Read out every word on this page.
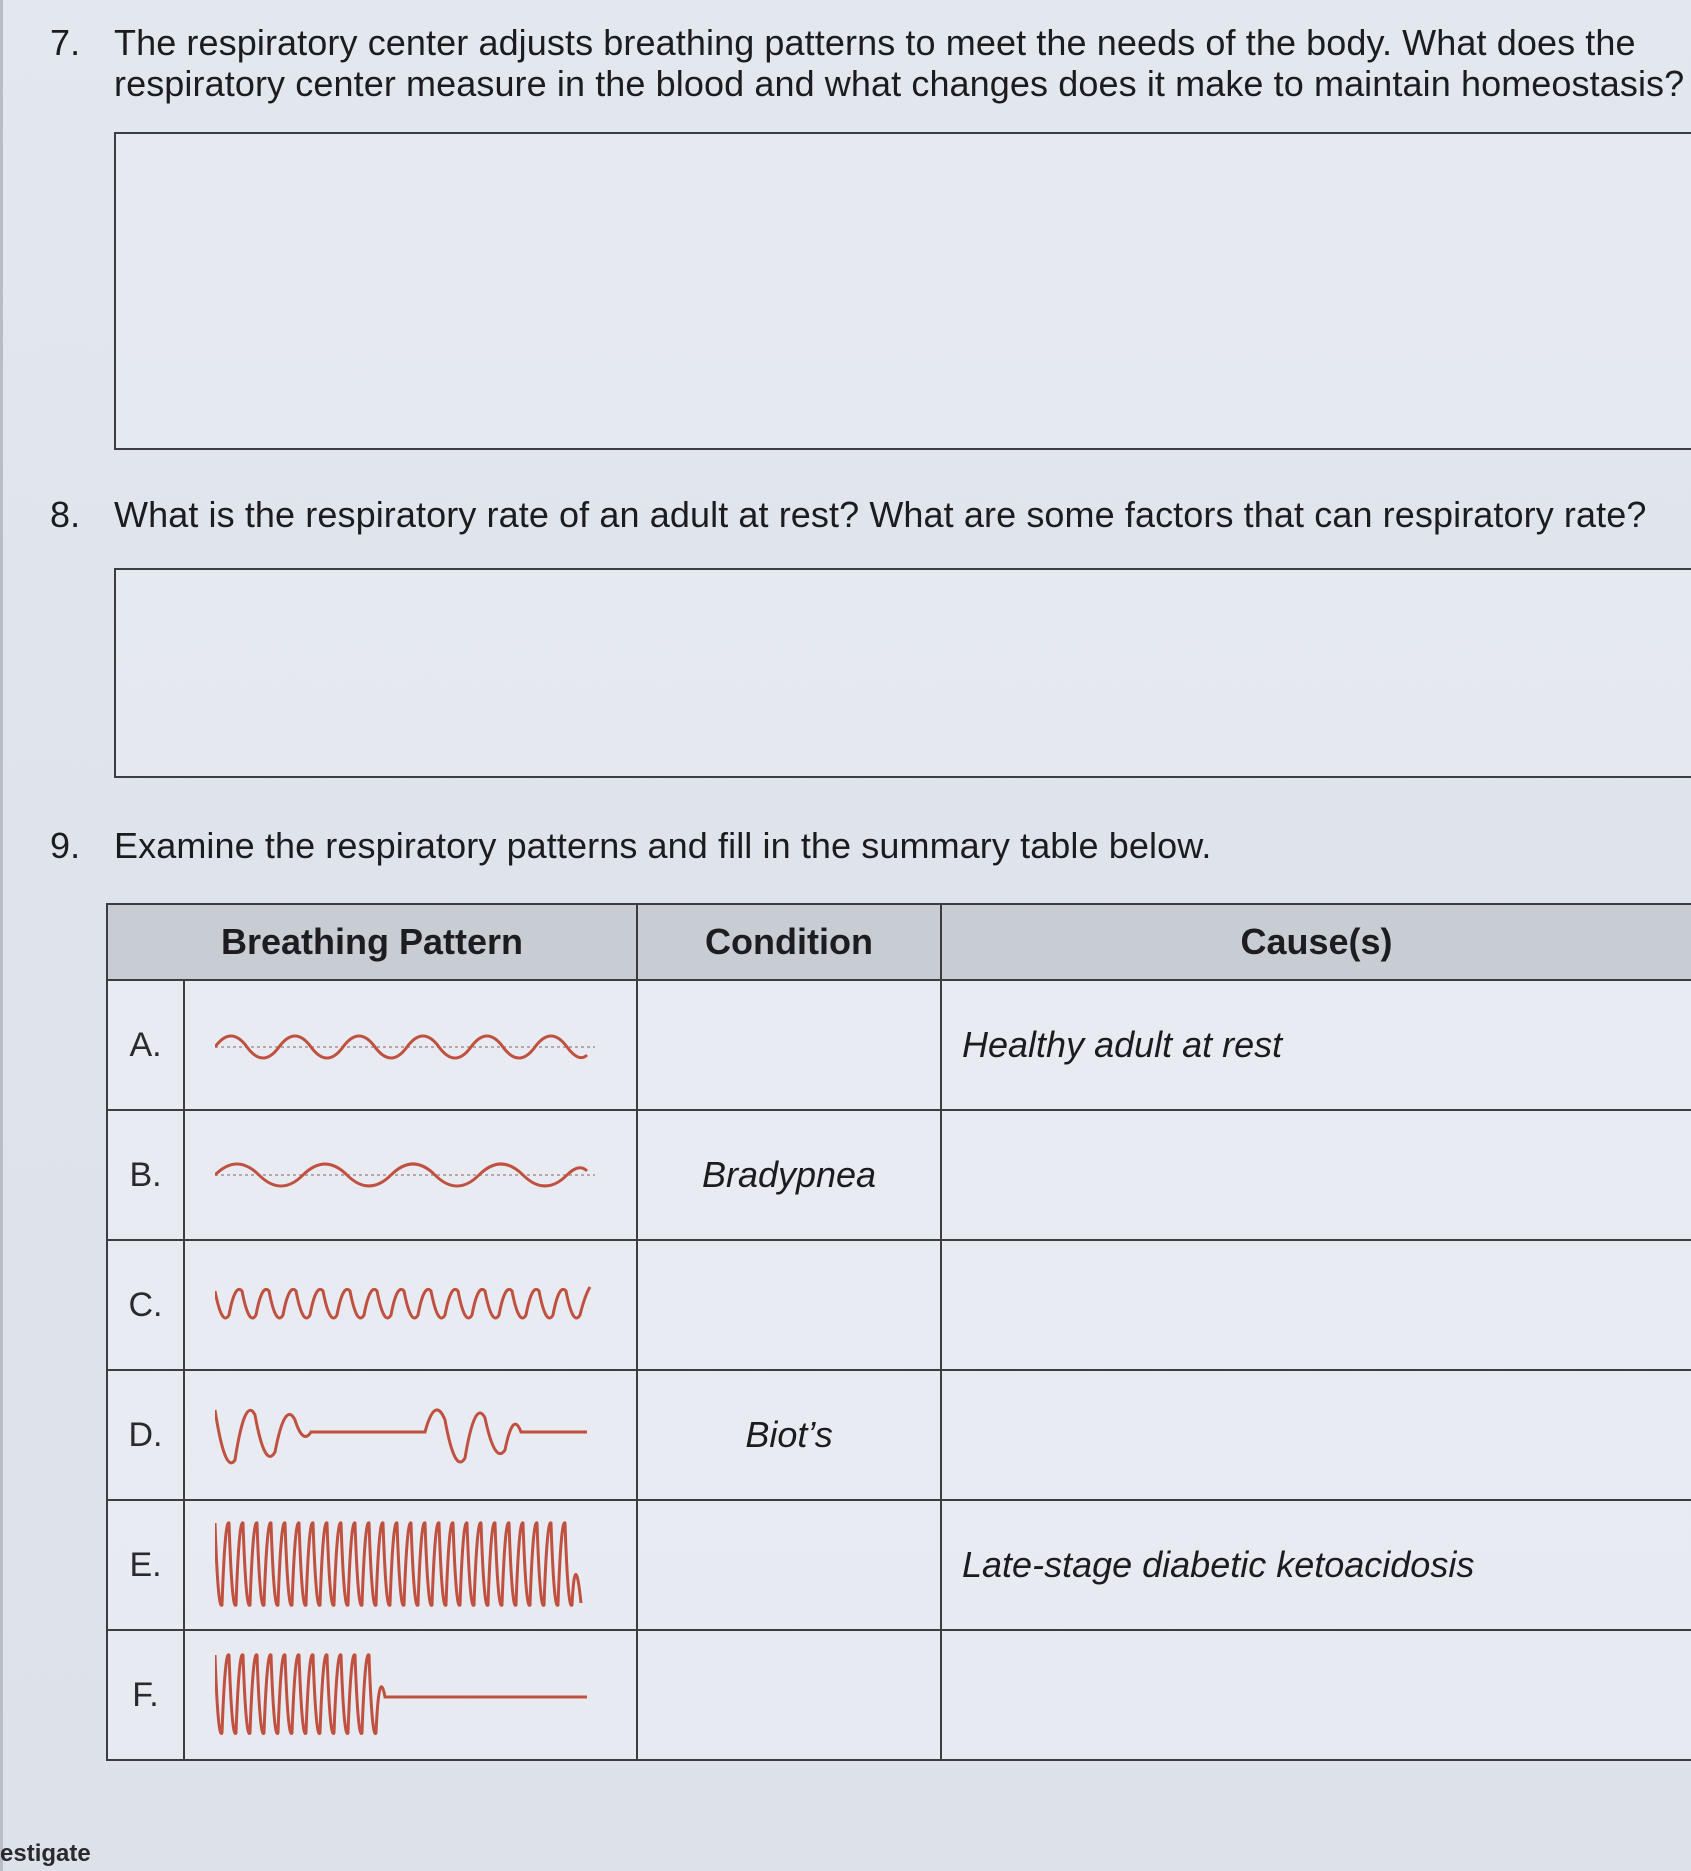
7. The respiratory center adjusts breathing patterns to meet the needs of the body. What does the
respiratory center measure in the blood and what changes does it make to maintain homeostasis?
8. What is the respiratory rate of an adult at rest? What are some factors that can respiratory rate?
9. Examine the respiratory patterns and fill in the summary table below.
Breathing Pattern		Condition	Cause(s)
A.			Healthy adult at rest
B.		Bradypnea	
C.	

D.		Biot’s	
E.			Late-stage diabetic ketoacidosis
F.	

estigate
